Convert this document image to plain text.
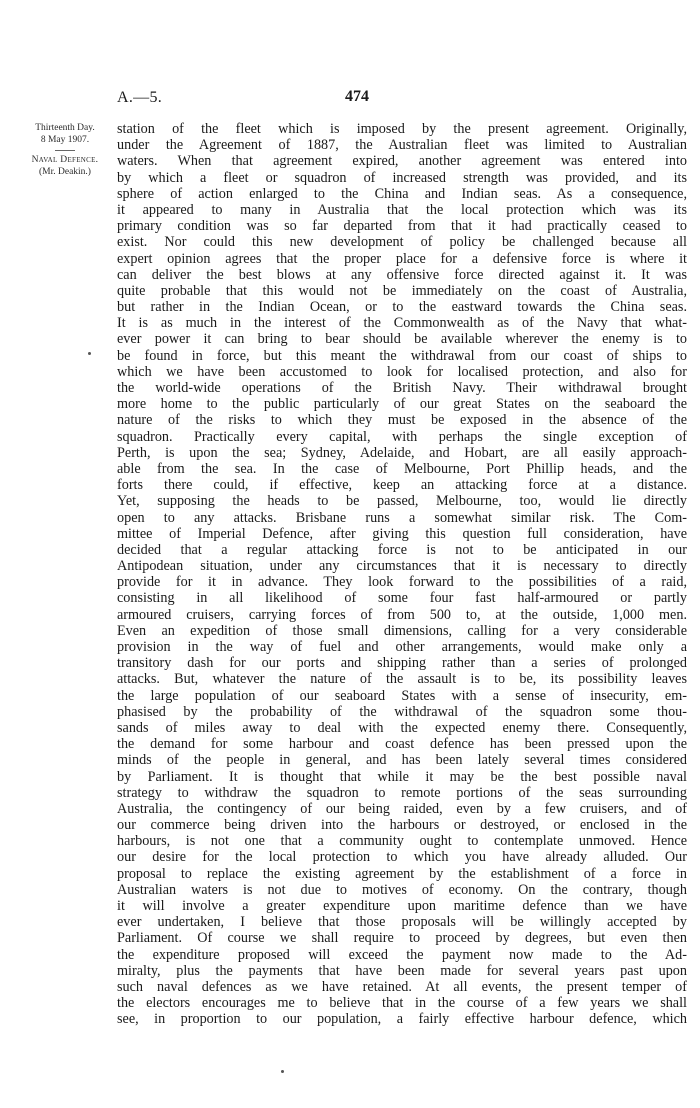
A.—5.	474
Thirteenth Day.
8 May 1907.
Naval Defence.
(Mr. Deakin.)
station of the fleet which is imposed by the present agreement. Originally,
under the Agreement of 1887, the Australian fleet was limited to Australian
waters. When that agreement expired, another agreement was entered into
by which a fleet or squadron of increased strength was provided, and its
sphere of action enlarged to the China and Indian seas. As a consequence,
it appeared to many in Australia that the local protection which was its
primary condition was so far departed from that it had practically ceased to
exist. Nor could this new development of policy be challenged because all
expert opinion agrees that the proper place for a defensive force is where it
can deliver the best blows at any offensive force directed against it. It was
quite probable that this would not be immediately on the coast of Australia,
but rather in the Indian Ocean, or to the eastward towards the China seas.
It is as much in the interest of the Commonwealth as of the Navy that what-
ever power it can bring to bear should be available wherever the enemy is to
be found in force, but this meant the withdrawal from our coast of ships to
which we have been accustomed to look for localised protection, and also for
the world-wide operations of the British Navy. Their withdrawal brought
more home to the public particularly of our great States on the seaboard the
nature of the risks to which they must be exposed in the absence of the
squadron. Practically every capital, with perhaps the single exception of
Perth, is upon the sea; Sydney, Adelaide, and Hobart, are all easily approach-
able from the sea. In the case of Melbourne, Port Phillip heads, and the
forts there could, if effective, keep an attacking force at a distance.
Yet, supposing the heads to be passed, Melbourne, too, would lie directly
open to any attacks. Brisbane runs a somewhat similar risk. The Com-
mittee of Imperial Defence, after giving this question full consideration, have
decided that a regular attacking force is not to be anticipated in our
Antipodean situation, under any circumstances that it is necessary to directly
provide for it in advance. They look forward to the possibilities of a raid,
consisting in all likelihood of some four fast half-armoured or partly
armoured cruisers, carrying forces of from 500 to, at the outside, 1,000 men.
Even an expedition of those small dimensions, calling for a very considerable
provision in the way of fuel and other arrangements, would make only a
transitory dash for our ports and shipping rather than a series of prolonged
attacks. But, whatever the nature of the assault is to be, its possibility leaves
the large population of our seaboard States with a sense of insecurity, em-
phasised by the probability of the withdrawal of the squadron some thou-
sands of miles away to deal with the expected enemy there. Consequently,
the demand for some harbour and coast defence has been pressed upon the
minds of the people in general, and has been lately several times considered
by Parliament. It is thought that while it may be the best possible naval
strategy to withdraw the squadron to remote portions of the seas surrounding
Australia, the contingency of our being raided, even by a few cruisers, and of
our commerce being driven into the harbours or destroyed, or enclosed in the
harbours, is not one that a community ought to contemplate unmoved. Hence
our desire for the local protection to which you have already alluded. Our
proposal to replace the existing agreement by the establishment of a force in
Australian waters is not due to motives of economy. On the contrary, though
it will involve a greater expenditure upon maritime defence than we have
ever undertaken, I believe that those proposals will be willingly accepted by
Parliament. Of course we shall require to proceed by degrees, but even then
the expenditure proposed will exceed the payment now made to the Ad-
miralty, plus the payments that have been made for several years past upon
such naval defences as we have retained. At all events, the present temper of
the electors encourages me to believe that in the course of a few years we shall
see, in proportion to our population, a fairly effective harbour defence, which
